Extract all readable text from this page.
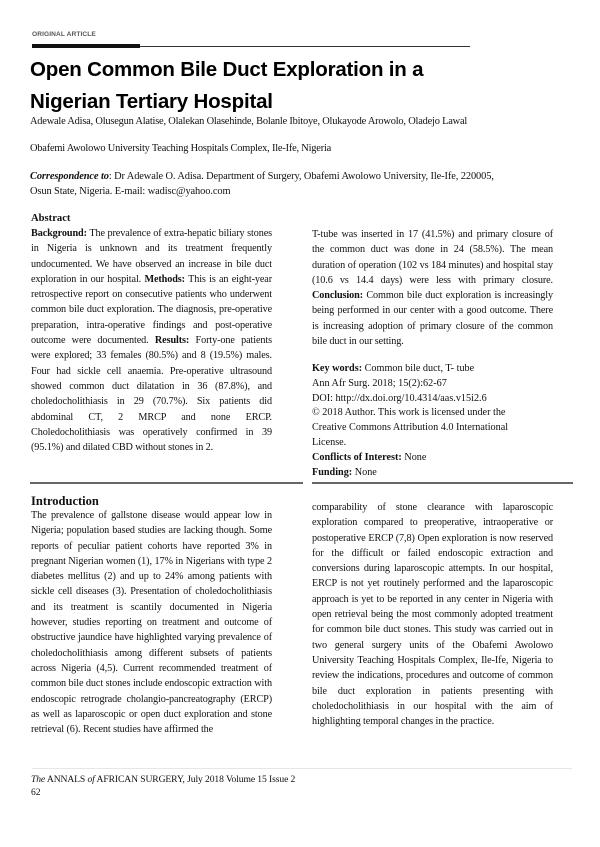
ORIGINAL ARTICLE
Open Common Bile Duct Exploration in a
Nigerian Tertiary Hospital
Adewale Adisa, Olusegun Alatise, Olalekan Olasehinde, Bolanle Ibitoye, Olukayode Arowolo, Oladejo Lawal
Obafemi Awolowo University Teaching Hospitals Complex, Ile-Ife, Nigeria
Correspondence to: Dr Adewale O. Adisa. Department of Surgery, Obafemi Awolowo University, Ile-Ife, 220005, Osun State, Nigeria. E-mail: wadisc@yahoo.com
Abstract
Background: The prevalence of extra-hepatic biliary stones in Nigeria is unknown and its treatment frequently undocumented. We have observed an increase in bile duct exploration in our hospital. Methods: This is an eight-year retrospective report on consecutive patients who underwent common bile duct exploration. The diagnosis, pre-operative preparation, intra-operative findings and post-operative outcome were documented. Results: Forty-one patients were explored; 33 females (80.5%) and 8 (19.5%) males. Four had sickle cell anaemia. Pre-operative ultrasound showed common duct dilatation in 36 (87.8%), and choledocholithiasis in 29 (70.7%). Six patients did abdominal CT, 2 MRCP and none ERCP. Choledocholithiasis was operatively confirmed in 39 (95.1%) and dilated CBD without stones in 2.
T-tube was inserted in 17 (41.5%) and primary closure of the common duct was done in 24 (58.5%). The mean duration of operation (102 vs 184 minutes) and hospital stay (10.6 vs 14.4 days) were less with primary closure. Conclusion: Common bile duct exploration is increasingly being performed in our center with a good outcome. There is increasing adoption of primary closure of the common bile duct in our setting.
Key words: Common bile duct, T- tube
Ann Afr Surg. 2018; 15(2):62-67
DOI: http://dx.doi.org/10.4314/aas.v15i2.6
© 2018 Author. This work is licensed under the
Creative Commons Attribution 4.0 International
License.
Conflicts of Interest: None
Funding: None
Introduction
The prevalence of gallstone disease would appear low in Nigeria; population based studies are lacking though. Some reports of peculiar patient cohorts have reported 3% in pregnant Nigerian women (1), 17% in Nigerians with type 2 diabetes mellitus (2) and up to 24% among patients with sickle cell diseases (3). Presentation of choledocholithiasis and its treatment is scantily documented in Nigeria however, studies reporting on treatment and outcome of obstructive jaundice have highlighted varying prevalence of choledocholithiasis among different subsets of patients across Nigeria (4,5). Current recommended treatment of common bile duct stones include endoscopic extraction with endoscopic retrograde cholangio-pancreatography (ERCP) as well as laparoscopic or open duct exploration and stone retrieval (6). Recent studies have affirmed the
comparability of stone clearance with laparoscopic exploration compared to preoperative, intraoperative or postoperative ERCP (7,8) Open exploration is now reserved for the difficult or failed endoscopic extraction and conversions during laparoscopic attempts. In our hospital, ERCP is not yet routinely performed and the laparoscopic approach is yet to be reported in any center in Nigeria with open retrieval being the most commonly adopted treatment for common bile duct stones. This study was carried out in two general surgery units of the Obafemi Awolowo University Teaching Hospitals Complex, Ile-Ife, Nigeria to review the indications, procedures and outcome of common bile duct exploration in patients presenting with choledocholithiasis in our hospital with the aim of highlighting temporal changes in the practice.
The ANNALS of AFRICAN SURGERY, July 2018 Volume 15 Issue 2
62
